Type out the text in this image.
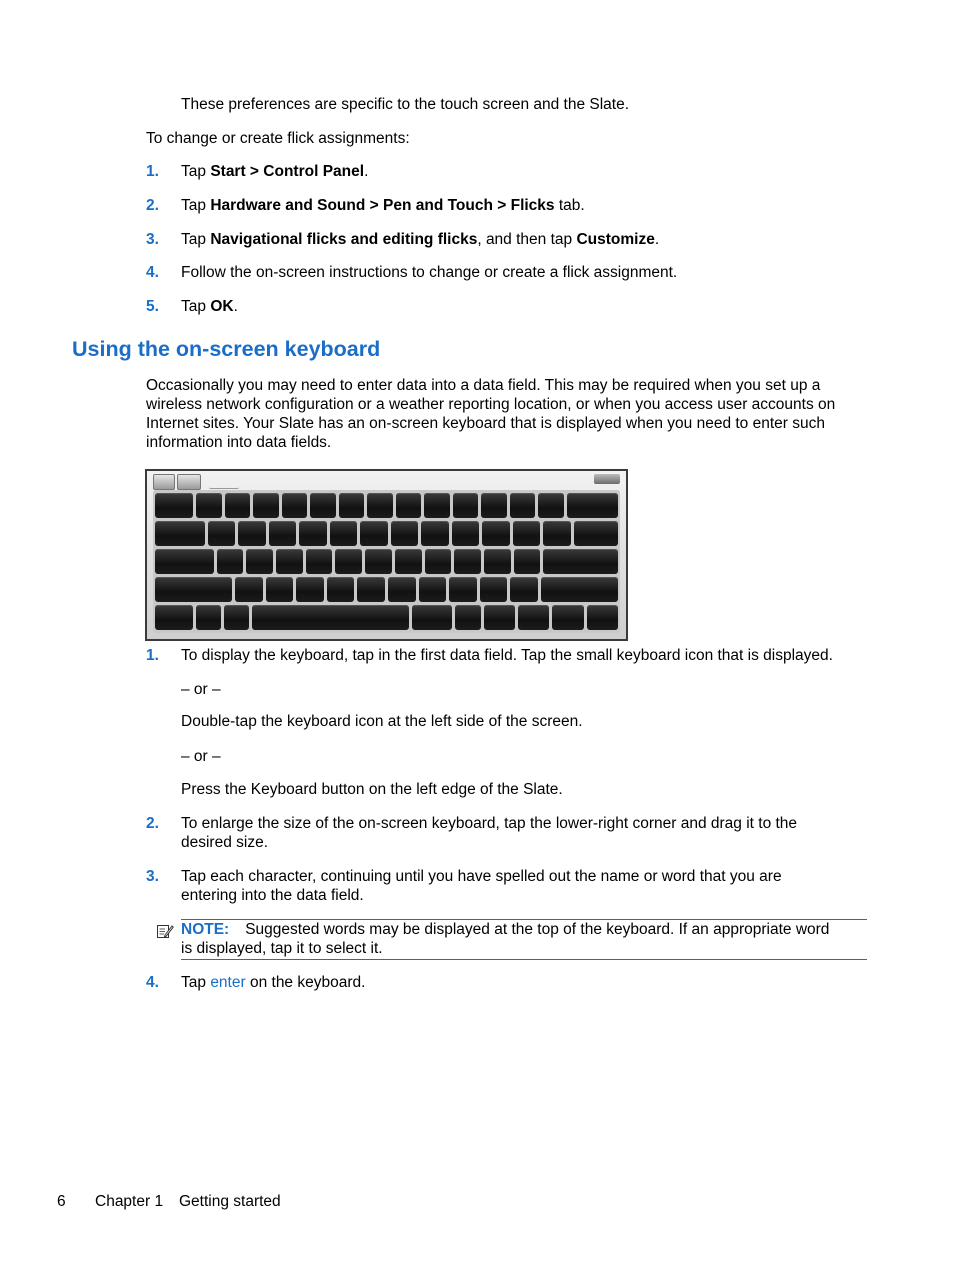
These preferences are specific to the touch screen and the Slate.
To change or create flick assignments:
1. Tap Start > Control Panel.
2. Tap Hardware and Sound > Pen and Touch > Flicks tab.
3. Tap Navigational flicks and editing flicks, and then tap Customize.
4. Follow the on-screen instructions to change or create a flick assignment.
5. Tap OK.
Using the on-screen keyboard
Occasionally you may need to enter data into a data field. This may be required when you set up a wireless network configuration or a weather reporting location, or when you access user accounts on Internet sites. Your Slate has an on-screen keyboard that is displayed when you need to enter such information into data fields.
1. To display the keyboard, tap in the first data field. Tap the small keyboard icon that is displayed.
– or –
Double-tap the keyboard icon at the left side of the screen.
– or –
Press the Keyboard button on the left edge of the Slate.
2. To enlarge the size of the on-screen keyboard, tap the lower-right corner and drag it to the
desired size.
3. Tap each character, continuing until you have spelled out the name or word that you are
entering into the data field.
NOTE: Suggested words may be displayed at the top of the keyboard. If an appropriate word
is displayed, tap it to select it.
4. Tap enter on the keyboard.
6 Chapter 1 Getting started
